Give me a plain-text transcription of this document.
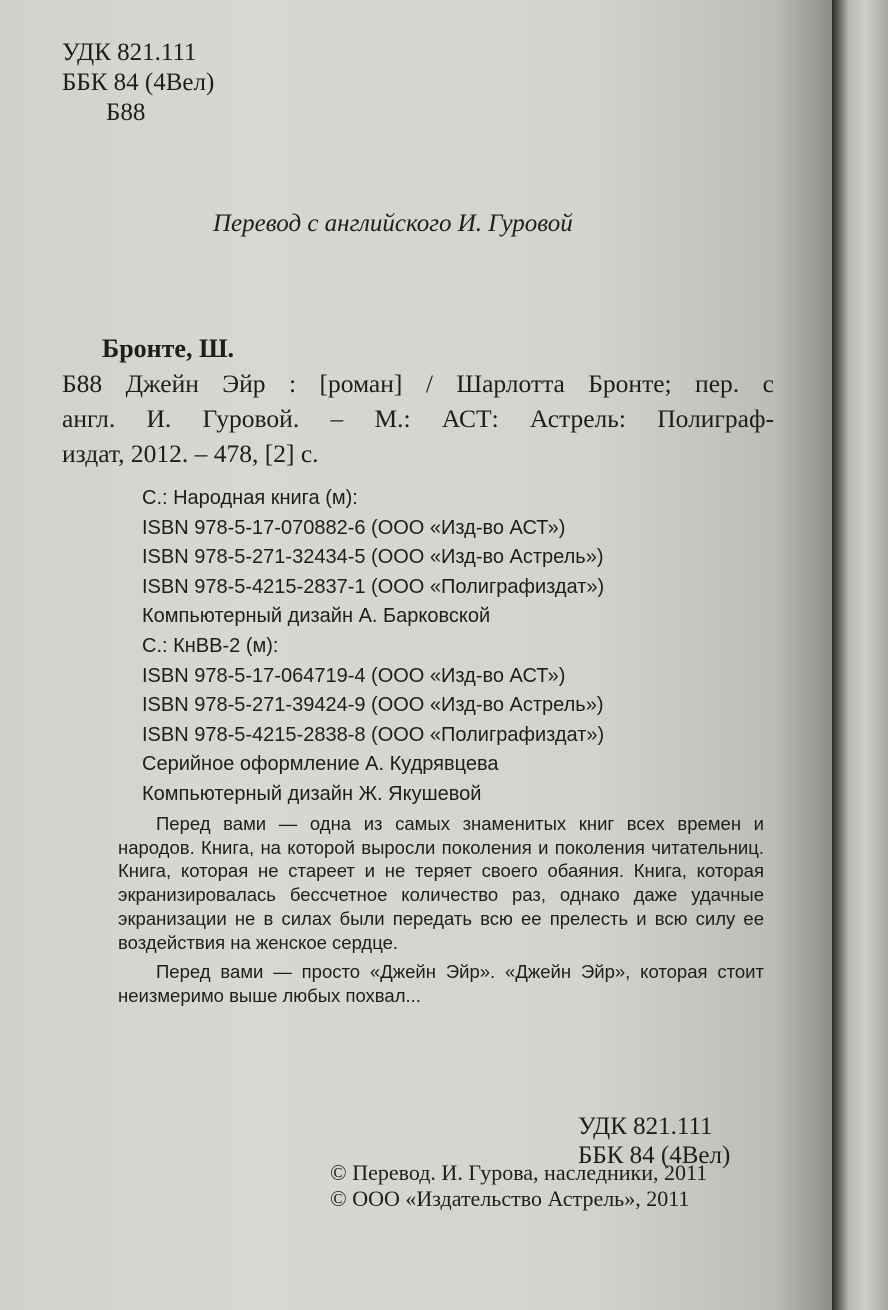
УДК 821.111
ББК 84 (4Вел)
Б88
Перевод с английского И. Гуровой
Бронте, Ш.
Б88 Джейн Эйр : [роман] / Шарлотта Бронте; пер. с
англ. И. Гуровой. – М.: АСТ: Астрель: Полиграф-
издат, 2012. – 478, [2] с.
С.: Народная книга (м):
ISBN 978-5-17-070882-6 (ООО «Изд-во АСТ»)
ISBN 978-5-271-32434-5 (ООО «Изд-во Астрель»)
ISBN 978-5-4215-2837-1 (ООО «Полиграфиздат»)
Компьютерный дизайн А. Барковской
С.: КнВВ-2 (м):
ISBN 978-5-17-064719-4 (ООО «Изд-во АСТ»)
ISBN 978-5-271-39424-9 (ООО «Изд-во Астрель»)
ISBN 978-5-4215-2838-8 (ООО «Полиграфиздат»)
Серийное оформление А. Кудрявцева
Компьютерный дизайн Ж. Якушевой

Перед вами — одна из самых знаменитых книг всех времен и народов. Книга, на которой выросли поколения и поколения читательниц. Книга, которая не стареет и не теряет своего обаяния. Книга, которая экранизировалась бессчетное количество раз, однако даже удачные экранизации не в силах были передать всю ее прелесть и всю силу ее воздействия на женское сердце.

Перед вами — просто «Джейн Эйр». «Джейн Эйр», которая стоит неизмеримо выше любых похвал...

УДК 821.111
ББК 84 (4Вел)
© Перевод. И. Гурова, наследники, 2011
© ООО «Издательство Астрель», 2011
